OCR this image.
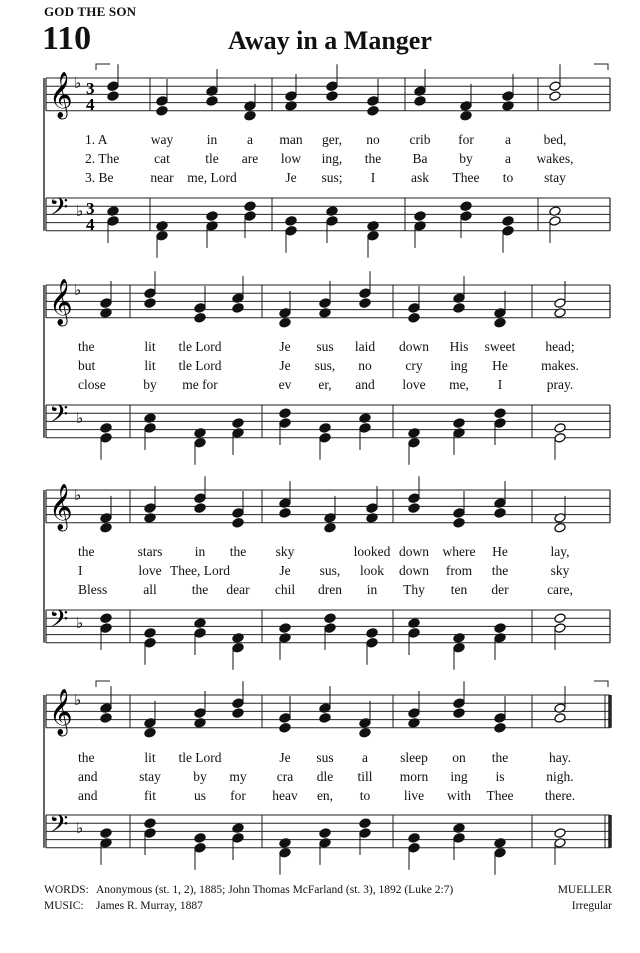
GOD THE SON
110	Away in a Manger
𝄞 ♭ 3
4
𝄢 ♭ 3
4
𝄞 ♭
𝄢 ♭
𝄞 ♭
𝄢 ♭
𝄞 ♭
𝄢 ♭
1. A	way in a man ger, no crib for a bed,
2. The	cat	tle are low ing, the Ba by a wakes,
3. Be	near me, Lord	Je sus; I	ask Thee to stay
the	lit tle Lord	Je sus laid down His sweet head;
but	lit tle Lord	Je sus, no cry ing He makes.
close	by me for	ev er, and love me, I	pray.
the	stars in the sky	looked down where He	lay,
I	love Thee, Lord	Je sus, look down from the	sky
Bless	all	the dear chil dren in Thy ten der	care,
the	lit tle Lord	Je sus a sleep on the	hay.
and	stay by my cra dle till morn ing is	nigh.
and	fit	us for heav en, to live with Thee there.
WORDS: Anonymous (st. 1, 2), 1885; John Thomas McFarland (st. 3), 1892 (Luke 2:7)
MUSIC: James R. Murray, 1887
MUELLER
Irregular
